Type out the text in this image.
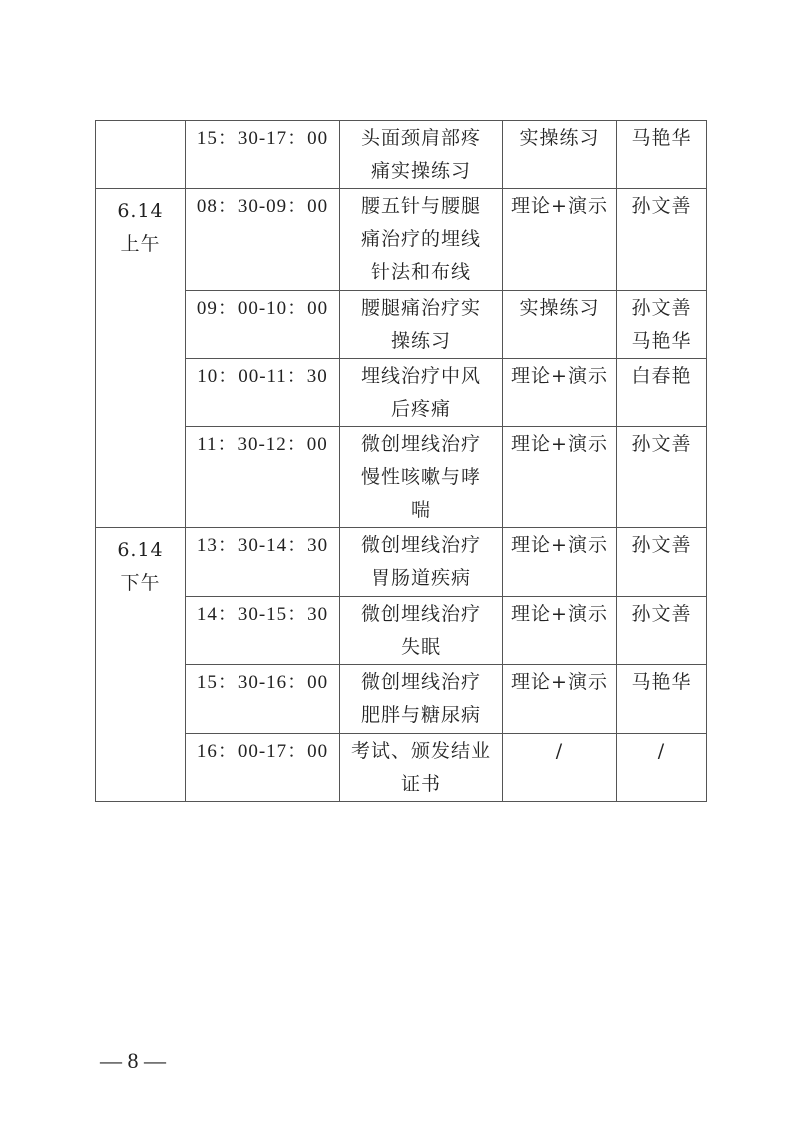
	15：30-17：00	头面颈肩部疼
痛实操练习	实操练习	马艳华

6.14
上午	08：30-09：00	腰五针与腰腿
痛治疗的埋线
针法和布线	理论+演示	孙文善

	09：00-10：00	腰腿痛治疗实
操练习	实操练习	孙文善
马艳华

	10：00-11：30	埋线治疗中风
后疼痛	理论+演示	白春艳

	11：30-12：00	微创埋线治疗
慢性咳嗽与哮
喘	理论+演示	孙文善

6.14
下午	13：30-14：30	微创埋线治疗
胃肠道疾病	理论+演示	孙文善

	14：30-15：30	微创埋线治疗
失眠	理论+演示	孙文善

	15：30-16：00	微创埋线治疗
肥胖与糖尿病	理论+演示	马艳华

	16：00-17：00	考试、颁发结业
证书	/	/
— 8 —
